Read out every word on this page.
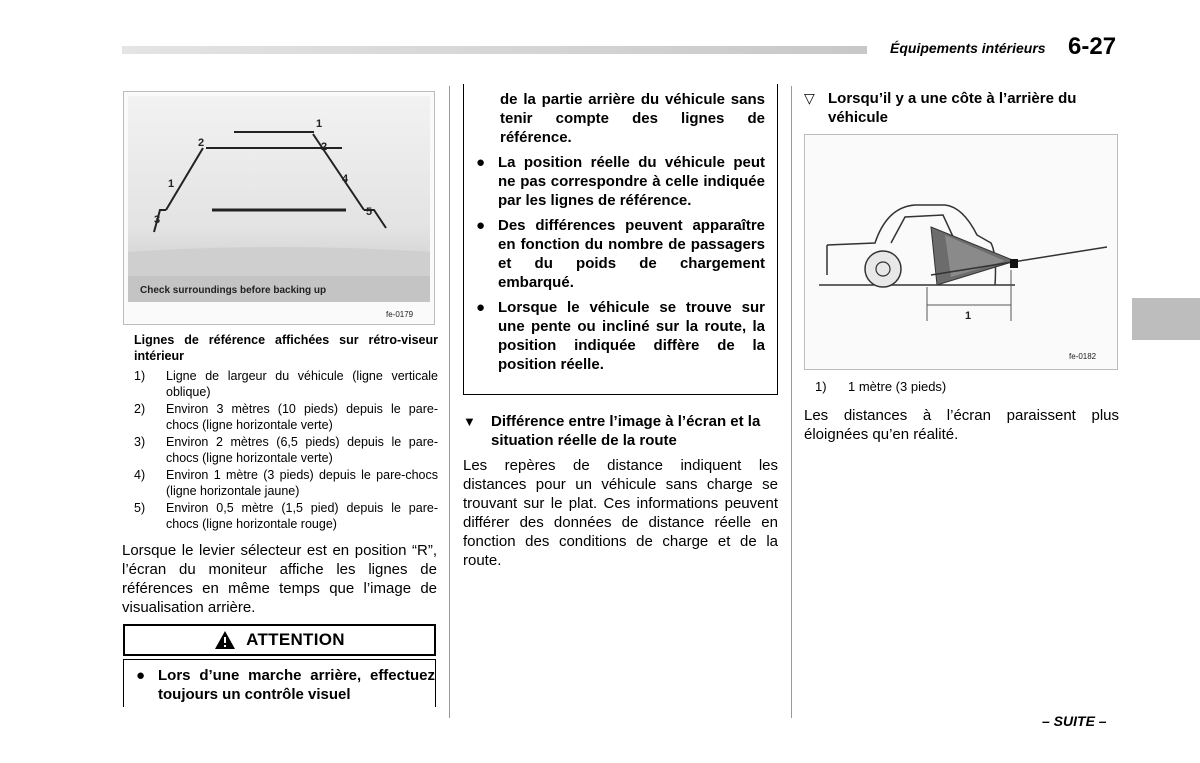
Équipements intérieurs 6-27
1
1
2	2
3
4
5
Check surroundings before backing up
fe-0179
Lignes de référence affichées sur rétro-viseur intérieur
1) Ligne de largeur du véhicule (ligne verticale oblique)
2) Environ 3 mètres (10 pieds) depuis le pare-chocs (ligne horizontale verte)
3) Environ 2 mètres (6,5 pieds) depuis le pare-chocs (ligne horizontale verte)
4) Environ 1 mètre (3 pieds) depuis le pare-chocs (ligne horizontale jaune)
5) Environ 0,5 mètre (1,5 pied) depuis le pare-chocs (ligne horizontale rouge)

Lorsque le levier sélecteur est en position “R”, l’écran du moniteur affiche les lignes de références en même temps que l’image de visualisation arrière.

ATTENTION
● Lors d’une marche arrière, effectuez toujours un contrôle visuel
de la partie arrière du véhicule sans tenir compte des lignes de référence.
● La position réelle du véhicule peut ne pas correspondre à celle indiquée par les lignes de référence.
● Des différences peuvent apparaître en fonction du nombre de passagers et du poids de chargement embarqué.
● Lorsque le véhicule se trouve sur une pente ou incliné sur la route, la position indiquée diffère de la position réelle.
▼	Différence entre l’image à l’écran et la situation réelle de la route

Les repères de distance indiquent les distances pour un véhicule sans charge se trouvant sur le plat. Ces informations peuvent différer des données de distance réelle en fonction des conditions de charge et de la route.

▽ Lorsqu’il y a une côte à l’arrière du véhicule
1
fe-0182
1) 1 mètre (3 pieds)

Les distances à l’écran paraissent plus éloignées qu’en réalité.

– SUITE –
